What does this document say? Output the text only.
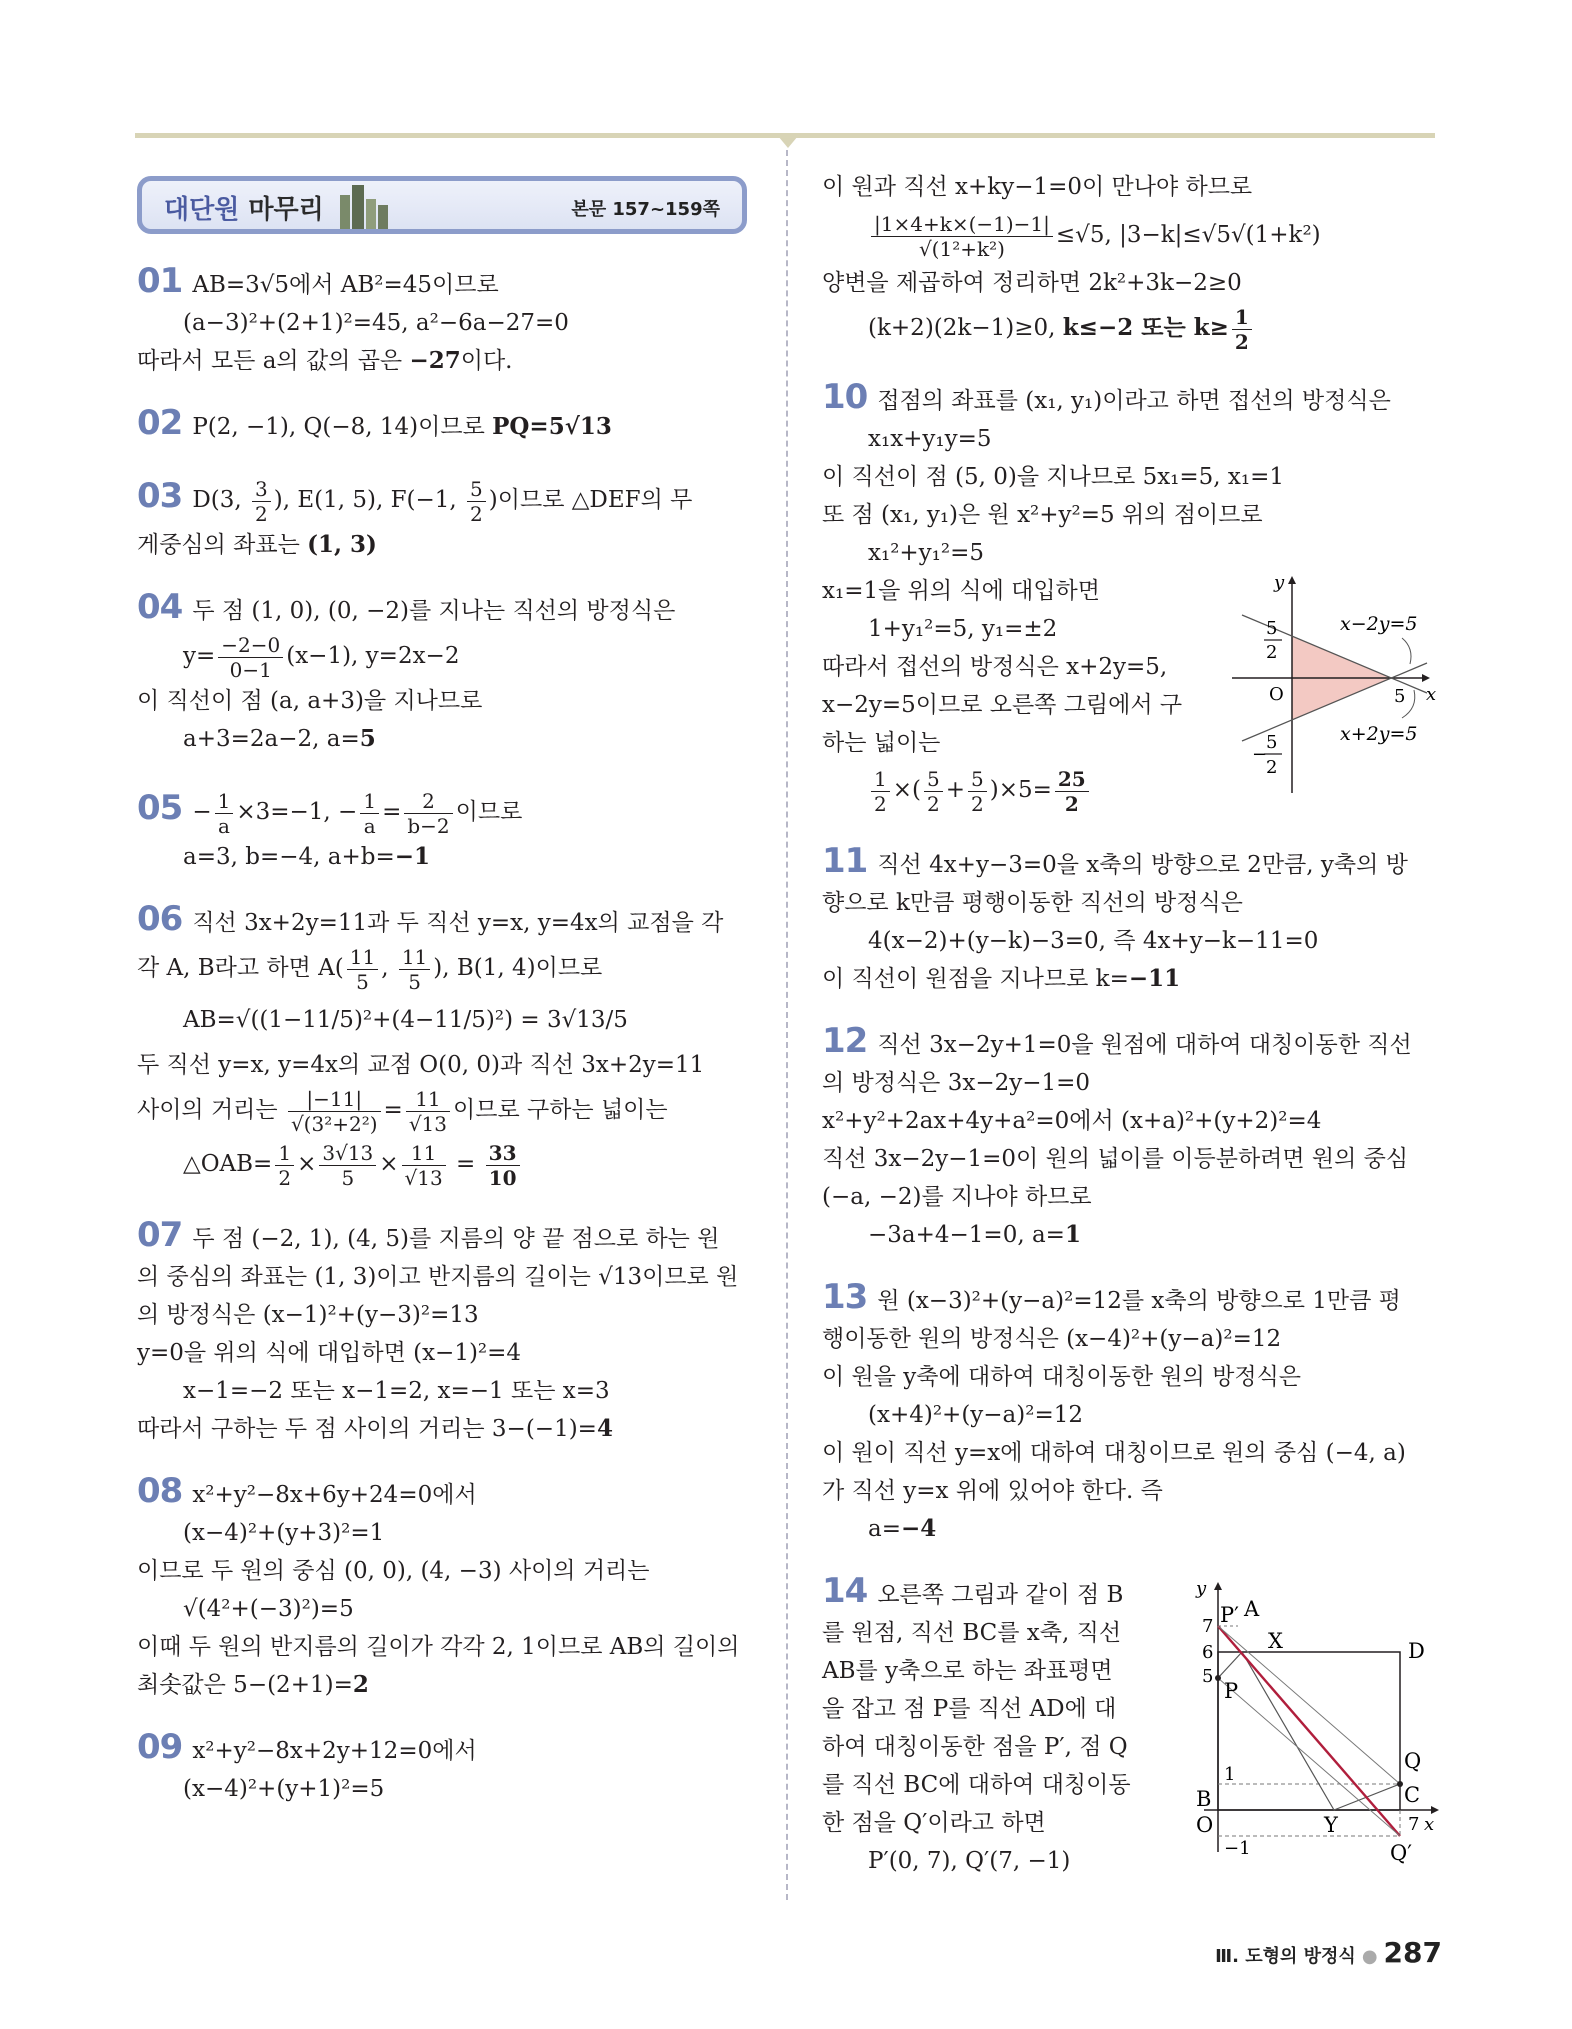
대단원 마무리	본문 157~159쪽
01 AB=3√5에서 AB²=45이므로
(a−3)²+(2+1)²=45, a²−6a−27=0
따라서 모든 a의 값의 곱은 −27이다.
02 P(2, −1), Q(−8, 14)이므로 PQ=5√13
03 D(3, $\frac{3}{2}$ ), E(1, 5), F(−1, $\frac{5}{2}$ )이므로 △DEF의 무
게중심의 좌표는 (1, 3)
04 두 점 (1, 0), (0, −2)를 지나는 직선의 방정식은
$y= \frac{-2-0}{0-1} (x-1)$, y=2x−2
이 직선이 점 (a, a+3)을 지나므로
a+3=2a−2, a=5
$05 - \frac{1}{a} \times 3=-1$, − $\frac{1}{a} = \frac{2}{b-2}$ 이므로
a=3, b=−4, a+b=−1
06 직선 3x+2y=11과 두 직선 y=x, y=4x의 교점을 각
각 A, B라고 하면 $A( \frac{11}{5}$ , $\frac{11}{5}$ ), B(1, 4)이므로
AB=√((1−11/5)²+(4−11/5)²) = 3√13/5
두 직선 y=x, y=4x의 교점 O(0, 0)과 직선 3x+2y=11
사이의 거리는 $\frac{|-11|}{\text{√(3²+2²)}} = \frac{11}{√13}$ 이므로 구하는 넓이는
△OAB= $\frac{1}{2} \times \frac{3√13}{5} \times \frac{11}{√13} = \frac{33}{10}$
07 두 점 (−2, 1), (4, 5)를 지름의 양 끝 점으로 하는 원
의 중심의 좌표는 (1, 3)이고 반지름의 길이는 √13이므로 원
의 방정식은 (x−1)²+(y−3)²=13
y=0을 위의 식에 대입하면 (x−1)²=4
x−1=−2 또는 x−1=2, x=−1 또는 x=3
따라서 구하는 두 점 사이의 거리는 3−(−1)=4
08 x²+y²−8x+6y+24=0에서
(x−4)²+(y+3)²=1
이므로 두 원의 중심 (0, 0), (4, −3) 사이의 거리는
√(4²+(−3)²)=5
이때 두 원의 반지름의 길이가 각각 2, 1이므로 AB의 길이의
최솟값은 5−(2+1)=2
09 x²+y²−8x+2y+12=0에서
(x−4)²+(y+1)²=5
이 원과 직선 x+ky−1=0이 만나야 하므로
$\frac{|1\times 4+k\times(-1)-1|}{\text{√(1²+k²)}} \le√5$, |3−k|≤√5√(1+k²)
양변을 제곱하여 정리하면 2k²+3k−2≥0
(k+2)(2k−1)≥0, k≤−2 또는 $k\ge \frac{1}{2}$
10 접점의 좌표를 (x₁, y₁)이라고 하면 접선의 방정식은
x₁x+y₁y=5
이 직선이 점 (5, 0)을 지나므로 5x₁=5, x₁=1
또 점 (x₁, y₁)은 원 x²+y²=5 위의 점이므로
x₁²+y₁²=5
x₁=1을 위의 식에 대입하면
1+y₁²=5, y₁=±2
따라서 접선의 방정식은 x+2y=5,
x−2y=5이므로 오른쪽 그림에서 구
하는 넓이는
$\frac{1}{2}$ ×( $\frac{5}{2} + \frac{5}{2} )\times 5= \frac{25}{2}$
y
x
O	5
5
2
5
−
2
x−2y=5
x+2y=5
11 직선 4x+y−3=0을 x축의 방향으로 2만큼, y축의 방
향으로 k만큼 평행이동한 직선의 방정식은
4(x−2)+(y−k)−3=0, 즉 4x+y−k−11=0
이 직선이 원점을 지나므로 k=−11
12 직선 3x−2y+1=0을 원점에 대하여 대칭이동한 직선
의 방정식은 3x−2y−1=0
x²+y²+2ax+4y+a²=0에서 (x+a)²+(y+2)²=4
직선 3x−2y−1=0이 원의 넓이를 이등분하려면 원의 중심
(−a, −2)를 지나야 하므로
−3a+4−1=0, a=1
13 원 (x−3)²+(y−a)²=12를 x축의 방향으로 1만큼 평
행이동한 원의 방정식은 (x−4)²+(y−a)²=12
이 원을 y축에 대하여 대칭이동한 원의 방정식은
(x+4)²+(y−a)²=12
이 원이 직선 y=x에 대하여 대칭이므로 원의 중심 (−4, a)
가 직선 y=x 위에 있어야 한다. 즉
a=−4
14 오른쪽 그림과 같이 점 B
를 원점, 직선 BC를 x축, 직선
AB를 y축으로 하는 좌표평면
을 잡고 점 P를 직선 AD에 대
하여 대칭이동한 점을 P′, 점 Q
를 직선 BC에 대하여 대칭이동
한 점을 Q′이라고 하면
P′(0, 7), Q′(7, −1)
y
x
P′ A
X	D
P
Q
B	C
O	Y
Q′
7
6
5
1
−1
7
Ⅲ. 도형의 방정식 ● 287
